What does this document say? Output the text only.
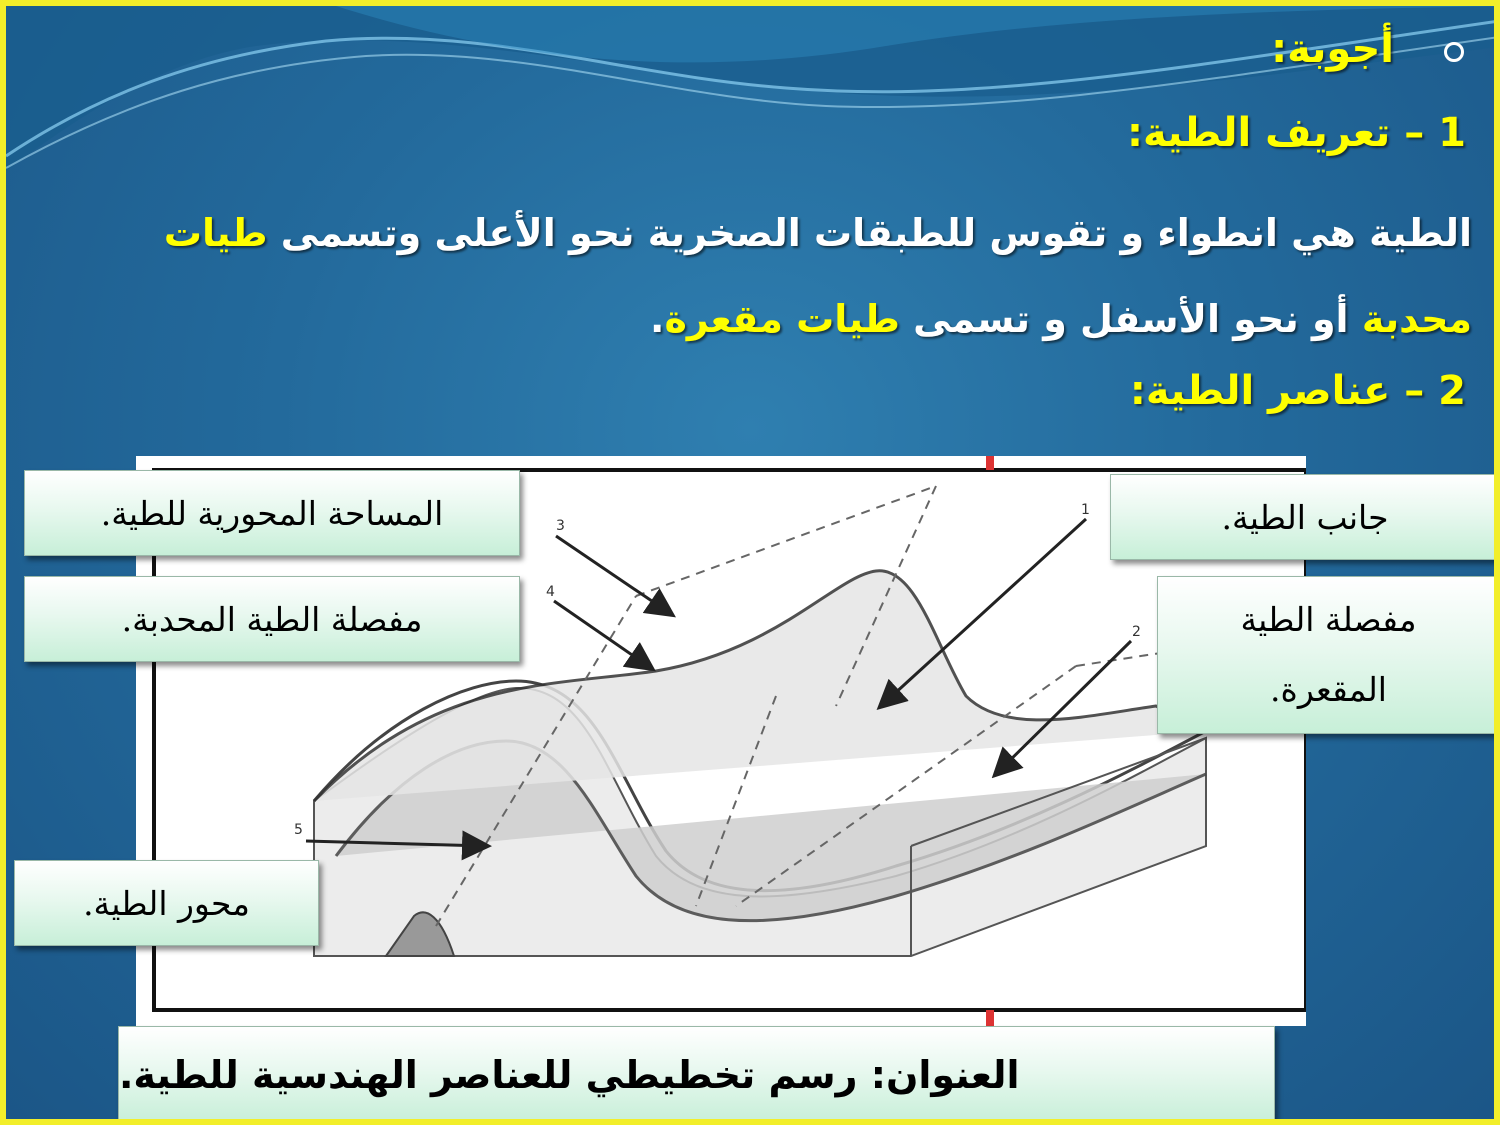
أجوبة:
1 – تعريف الطية:
الطية هي انطواء و تقوس للطبقات الصخرية نحو الأعلى وتسمى طيات محدبة أو نحو الأسفل و تسمى طيات مقعرة.
2 – عناصر الطية:
1
2
3
4
5
المساحة المحورية للطية.	جانب الطية.
مفصلة الطية المحدبة.	مفصلة الطية
المقعرة.
محور الطية.
العنوان: رسم تخطيطي للعناصر الهندسية للطية.
